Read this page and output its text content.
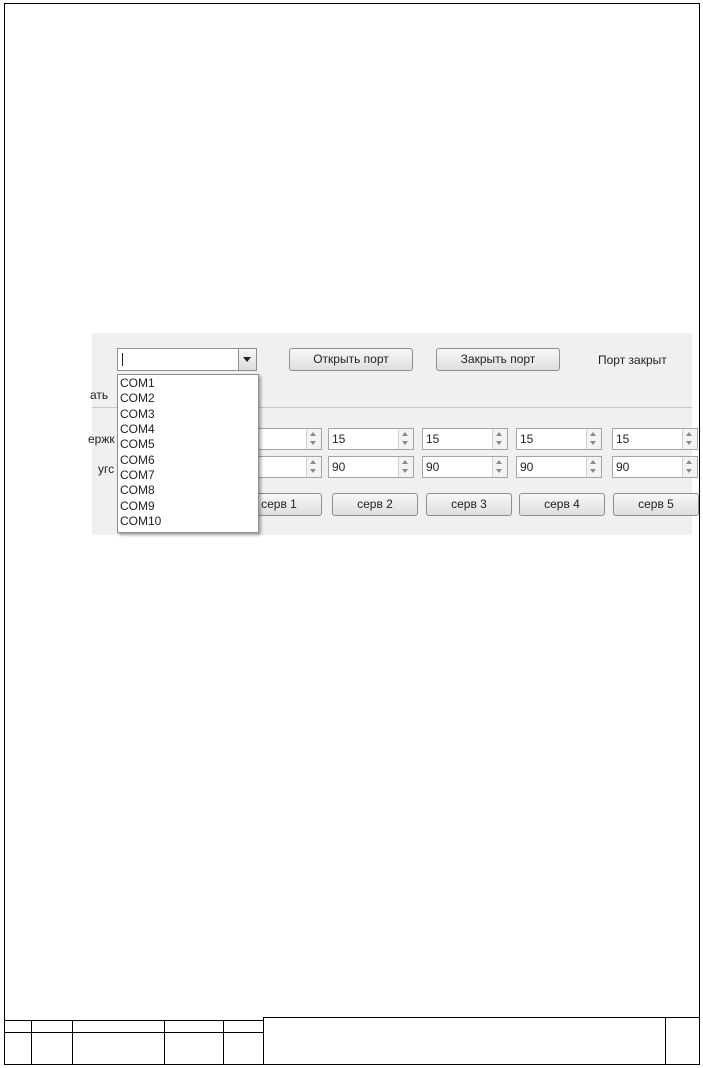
Открыть порт	Закрыть порт	Порт закрыт
ать
ержк
угс
серв 1
15
90
серв 2
15
90
серв 3
15
90
серв 4
15
90
серв 5
COM1
COM2
COM3
COM4
COM5
COM6
COM7
COM8
COM9
COM10
